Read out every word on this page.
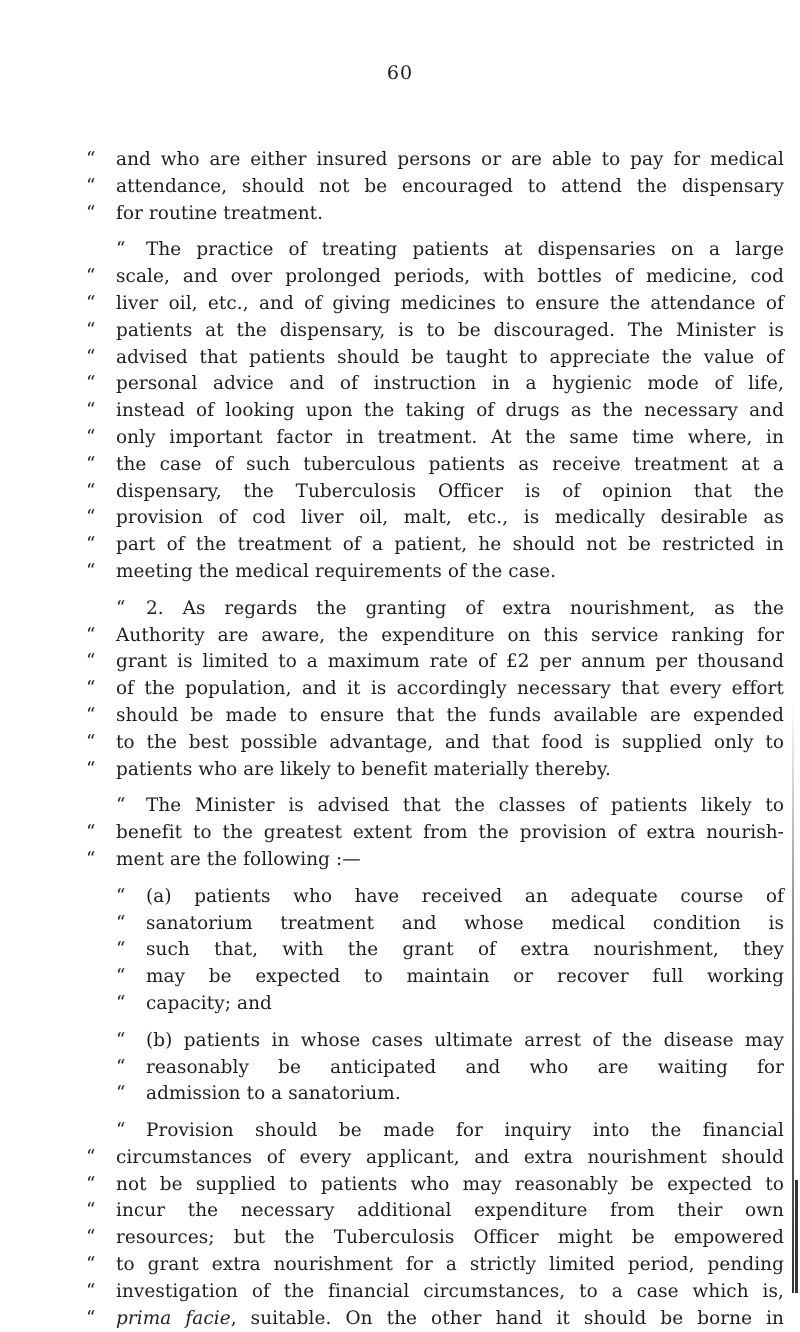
60
“ and who are either insured persons or are able to pay for medical
“ attendance, should not be encouraged to attend the dispensary
“ for routine treatment.
“ The practice of treating patients at dispensaries on a large
“ scale, and over prolonged periods, with bottles of medicine, cod
“ liver oil, etc., and of giving medicines to ensure the attendance of
“ patients at the dispensary, is to be discouraged. The Minister is
“ advised that patients should be taught to appreciate the value of
“ personal advice and of instruction in a hygienic mode of life,
“ instead of looking upon the taking of drugs as the necessary and
“ only important factor in treatment. At the same time where, in
“ the case of such tuberculous patients as receive treatment at a
“ dispensary, the Tuberculosis Officer is of opinion that the
“ provision of cod liver oil, malt, etc., is medically desirable as
“ part of the treatment of a patient, he should not be restricted in
“ meeting the medical requirements of the case.
“ 2. As regards the granting of extra nourishment, as the
“ Authority are aware, the expenditure on this service ranking for
“ grant is limited to a maximum rate of £2 per annum per thousand
“ of the population, and it is accordingly necessary that every effort
“ should be made to ensure that the funds available are expended
“ to the best possible advantage, and that food is supplied only to
“ patients who are likely to benefit materially thereby.
“ The Minister is advised that the classes of patients likely to
“ benefit to the greatest extent from the provision of extra nourish-
“ ment are the following :—
“ (a) patients who have received an adequate course of
“ sanatorium treatment and whose medical condition is
“ such that, with the grant of extra nourishment, they
“ may be expected to maintain or recover full working
“ capacity; and
“ (b) patients in whose cases ultimate arrest of the disease may
“ reasonably be anticipated and who are waiting for
“ admission to a sanatorium.
“ Provision should be made for inquiry into the financial
“ circumstances of every applicant, and extra nourishment should
“ not be supplied to patients who may reasonably be expected to
“ incur the necessary additional expenditure from their own
“ resources; but the Tuberculosis Officer might be empowered
“ to grant extra nourishment for a strictly limited period, pending
“ investigation of the financial circumstances, to a case which is,
“ prima facie, suitable. On the other hand it should be borne in
